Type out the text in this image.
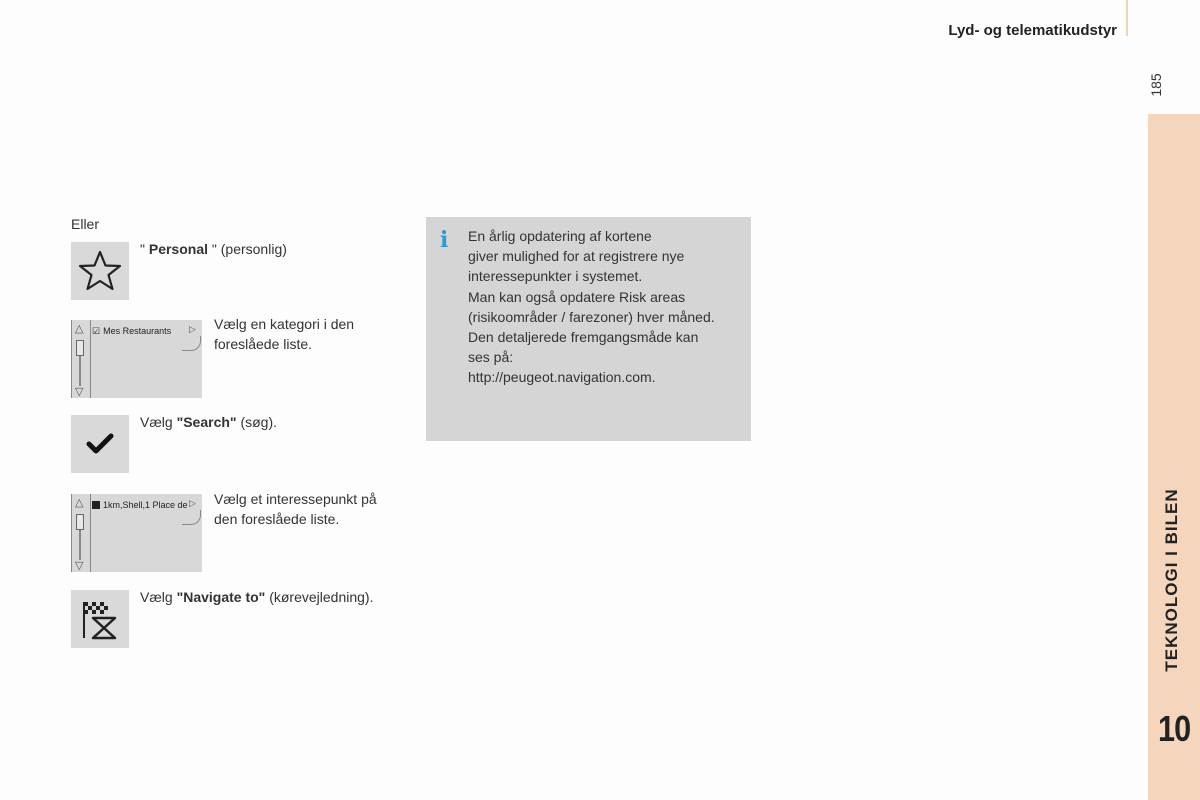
Lyd- og telematikudstyr
185
TEKNOLOGI I BILEN
10
Eller
" Personal " (personlig)
△
▽
☑ Mes Restaurants ▷ Vælg en kategori i den
foreslåede liste.
Vælg "Search" (søg).
△
▽
1km,Shell,1 Place de ▷ Vælg et interessepunkt på
den foreslåede liste.
Vælg "Navigate to" (kørevejledning).
i En årlig opdatering af kortene
giver mulighed for at registrere nye
interessepunkter i systemet.
Man kan også opdatere Risk areas
(risikoområder / farezoner) hver måned.
Den detaljerede fremgangsmåde kan
ses på:
http://peugeot.navigation.com.
